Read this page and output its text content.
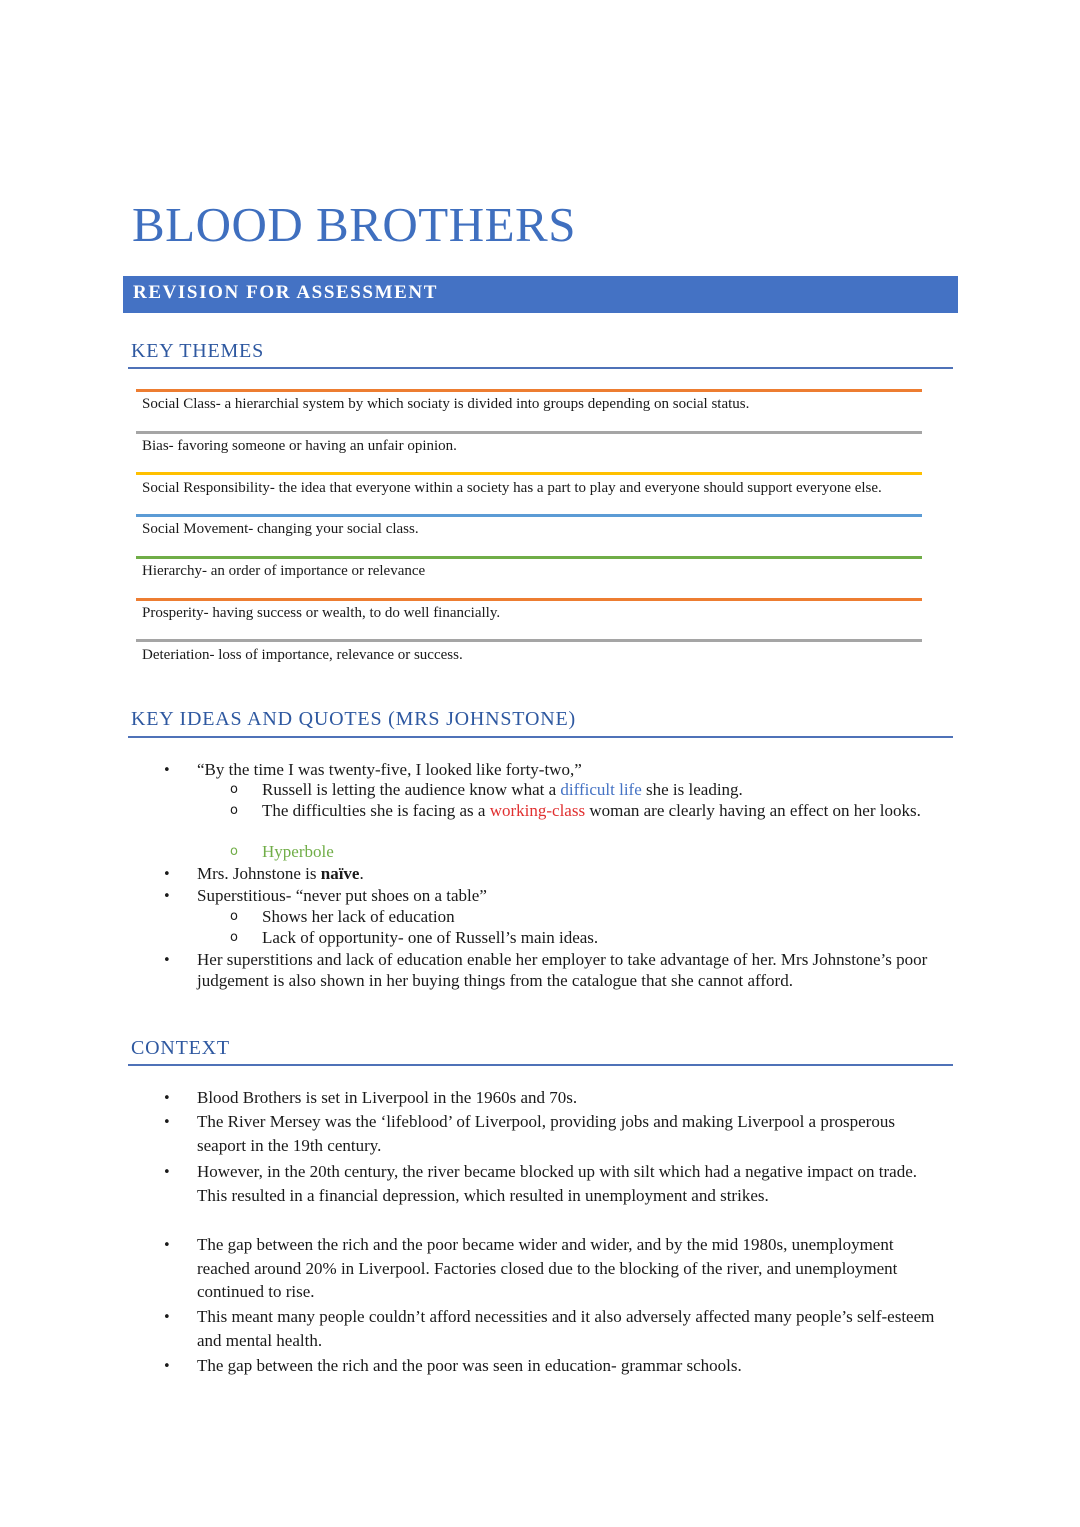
BLOOD BROTHERS
REVISION FOR ASSESSMENT
KEY THEMES
Social Class- a hierarchial system by which sociaty is divided into groups depending on social status.
Bias- favoring someone or having an unfair opinion.
Social Responsibility- the idea that everyone within a society has a part to play and everyone should support everyone else.
Social Movement- changing your social class.
Hierarchy- an order of importance or relevance
Prosperity- having success or wealth, to do well financially.
Deteriation- loss of importance, relevance or success.
KEY IDEAS AND QUOTES (MRS JOHNSTONE)
• “By the time I was twenty-five, I looked like forty-two,”
o Russell is letting the audience know what a difficult life she is leading.
o The difficulties she is facing as a working-class woman are clearly having an effect on her looks.
o Hyperbole
• Mrs. Johnstone is naïve.
• Superstitious- “never put shoes on a table”
o Shows her lack of education
o Lack of opportunity- one of Russell’s main ideas.
• Her superstitions and lack of education enable her employer to take advantage of her. Mrs Johnstone’s poor judgement is also shown in her buying things from the catalogue that she cannot afford.
CONTEXT
• Blood Brothers is set in Liverpool in the 1960s and 70s.
• The River Mersey was the ‘lifeblood’ of Liverpool, providing jobs and making Liverpool a prosperous seaport in the 19th century.
• However, in the 20th century, the river became blocked up with silt which had a negative impact on trade. This resulted in a financial depression, which resulted in unemployment and strikes.
• The gap between the rich and the poor became wider and wider, and by the mid 1980s, unemployment reached around 20% in Liverpool. Factories closed due to the blocking of the river, and unemployment continued to rise.
• This meant many people couldn’t afford necessities and it also adversely affected many people’s self-esteem and mental health.
• The gap between the rich and the poor was seen in education- grammar schools.
